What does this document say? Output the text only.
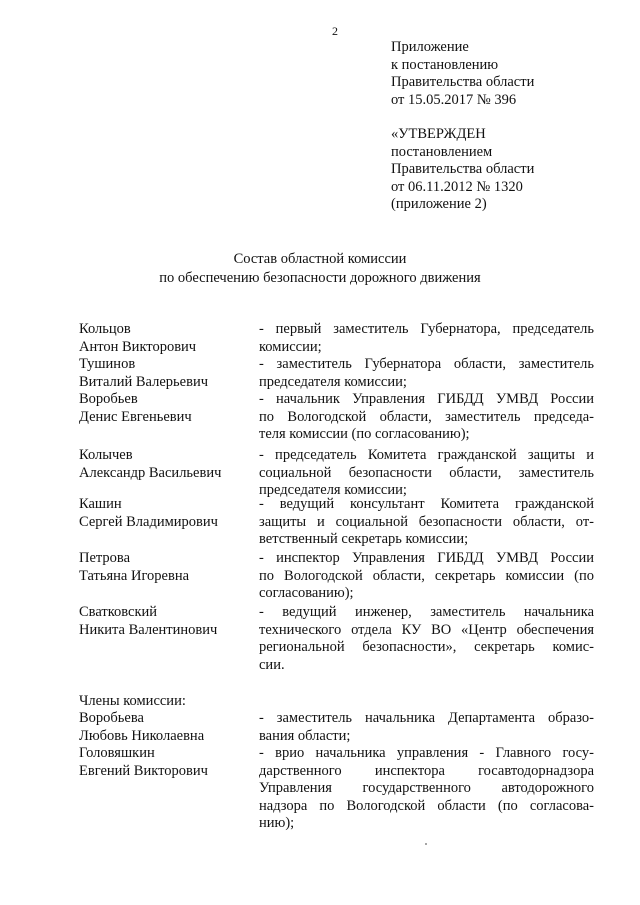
2
Приложение
к постановлению
Правительства области
от 15.05.2017 № 396
«УТВЕРЖДЕН
постановлением
Правительства области
от 06.11.2012 № 1320
(приложение 2)
Состав областной комиссии
по обеспечению безопасности дорожного движения
Кольцов
Антон Викторович
- первый заместитель Губернатора, председатель
комиссии;
Тушинов
Виталий Валерьевич
- заместитель Губернатора области, заместитель
председателя комиссии;
Воробьев
Денис Евгеньевич
- начальник Управления ГИБДД УМВД России
по Вологодской области, заместитель председа-
теля комиссии (по согласованию);
Колычев
Александр Васильевич
- председатель Комитета гражданской защиты и
социальной безопасности области, заместитель
председателя комиссии;
Кашин
Сергей Владимирович
- ведущий консультант Комитета гражданской
защиты и социальной безопасности области, от-
ветственный секретарь комиссии;
Петрова
Татьяна Игоревна
- инспектор Управления ГИБДД УМВД России
по Вологодской области, секретарь комиссии (по
согласованию);
Сватковский
Никита Валентинович
- ведущий инженер, заместитель начальника
технического отдела КУ ВО «Центр обеспечения
региональной безопасности», секретарь комис-
сии.
Члены комиссии:
Воробьева
Любовь Николаевна
- заместитель начальника Департамента образо-
вания области;
Головяшкин
Евгений Викторович
- врио начальника управления - Главного госу-
дарственного инспектора госавтодорнадзора
Управления государственного автодорожного
надзора по Вологодской области (по согласова-
нию);
